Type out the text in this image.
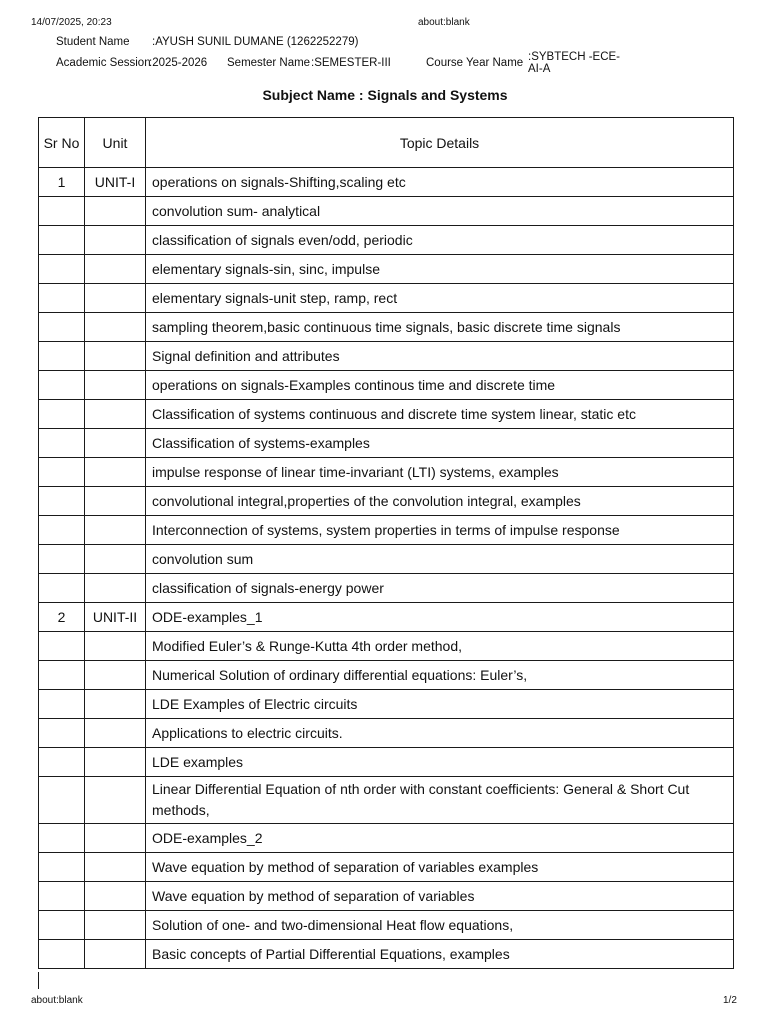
14/07/2025, 20:23	about:blank
Student Name :AYUSH SUNIL DUMANE (1262252279)
Academic Session
:2025-2026 Semester Name :SEMESTER-III	Course Year Name :SYBTECH -ECE-AI-A
Subject Name : Signals and Systems
Sr No	Unit	Topic Details
1	UNIT-I	operations on signals-Shifting,scaling etc
		convolution sum- analytical
		classification of signals even/odd, periodic
		elementary signals-sin, sinc, impulse
		elementary signals-unit step, ramp, rect
		sampling theorem,basic continuous time signals, basic discrete time signals
		Signal definition and attributes
		operations on signals-Examples continous time and discrete time
		Classification of systems continuous and discrete time system linear, static etc
		Classification of systems-examples
		impulse response of linear time-invariant (LTI) systems, examples
		convolutional integral,properties of the convolution integral, examples
		Interconnection of systems, system properties in terms of impulse response
		convolution sum
		classification of signals-energy power
2	UNIT-II	ODE-examples_1
		Modified Euler’s & Runge-Kutta 4th order method,
		Numerical Solution of ordinary differential equations: Euler’s,
		LDE Examples of Electric circuits
		Applications to electric circuits.
		LDE examples
		Linear Differential Equation of nth order with constant coefficients: General & Short Cut methods,
		ODE-examples_2
		Wave equation by method of separation of variables examples
		Wave equation by method of separation of variables
		Solution of one- and two-dimensional Heat flow equations,
		Basic concepts of Partial Differential Equations, examples
about:blank	1/2
